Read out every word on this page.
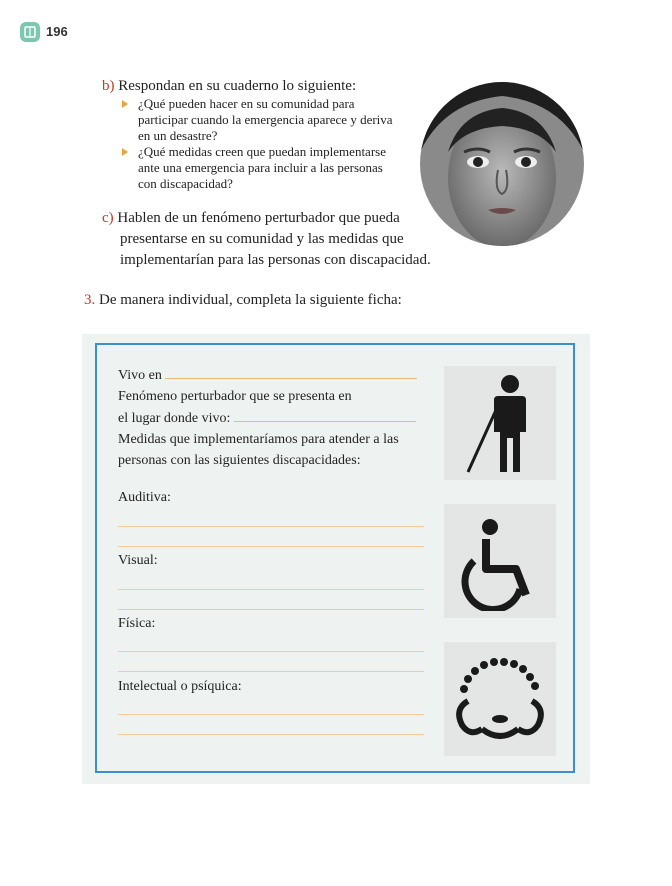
196
b) Respondan en su cuaderno lo siguiente:
¿Qué pueden hacer en su comunidad para
participar cuando la emergencia aparece y deriva
en un desastre?
¿Qué medidas creen que puedan implementarse
ante una emergencia para incluir a las personas
con discapacidad?
c) Hablen de un fenómeno perturbador que pueda
presentarse en su comunidad y las medidas que
implementarían para las personas con discapacidad.
3. De manera individual, completa la siguiente ficha:
Vivo en
Fenómeno perturbador que se presenta en
el lugar donde vivo:
Medidas que implementaríamos para atender a las
personas con las siguientes discapacidades:
Auditiva:
Visual:
Física:
Intelectual o psíquica:
